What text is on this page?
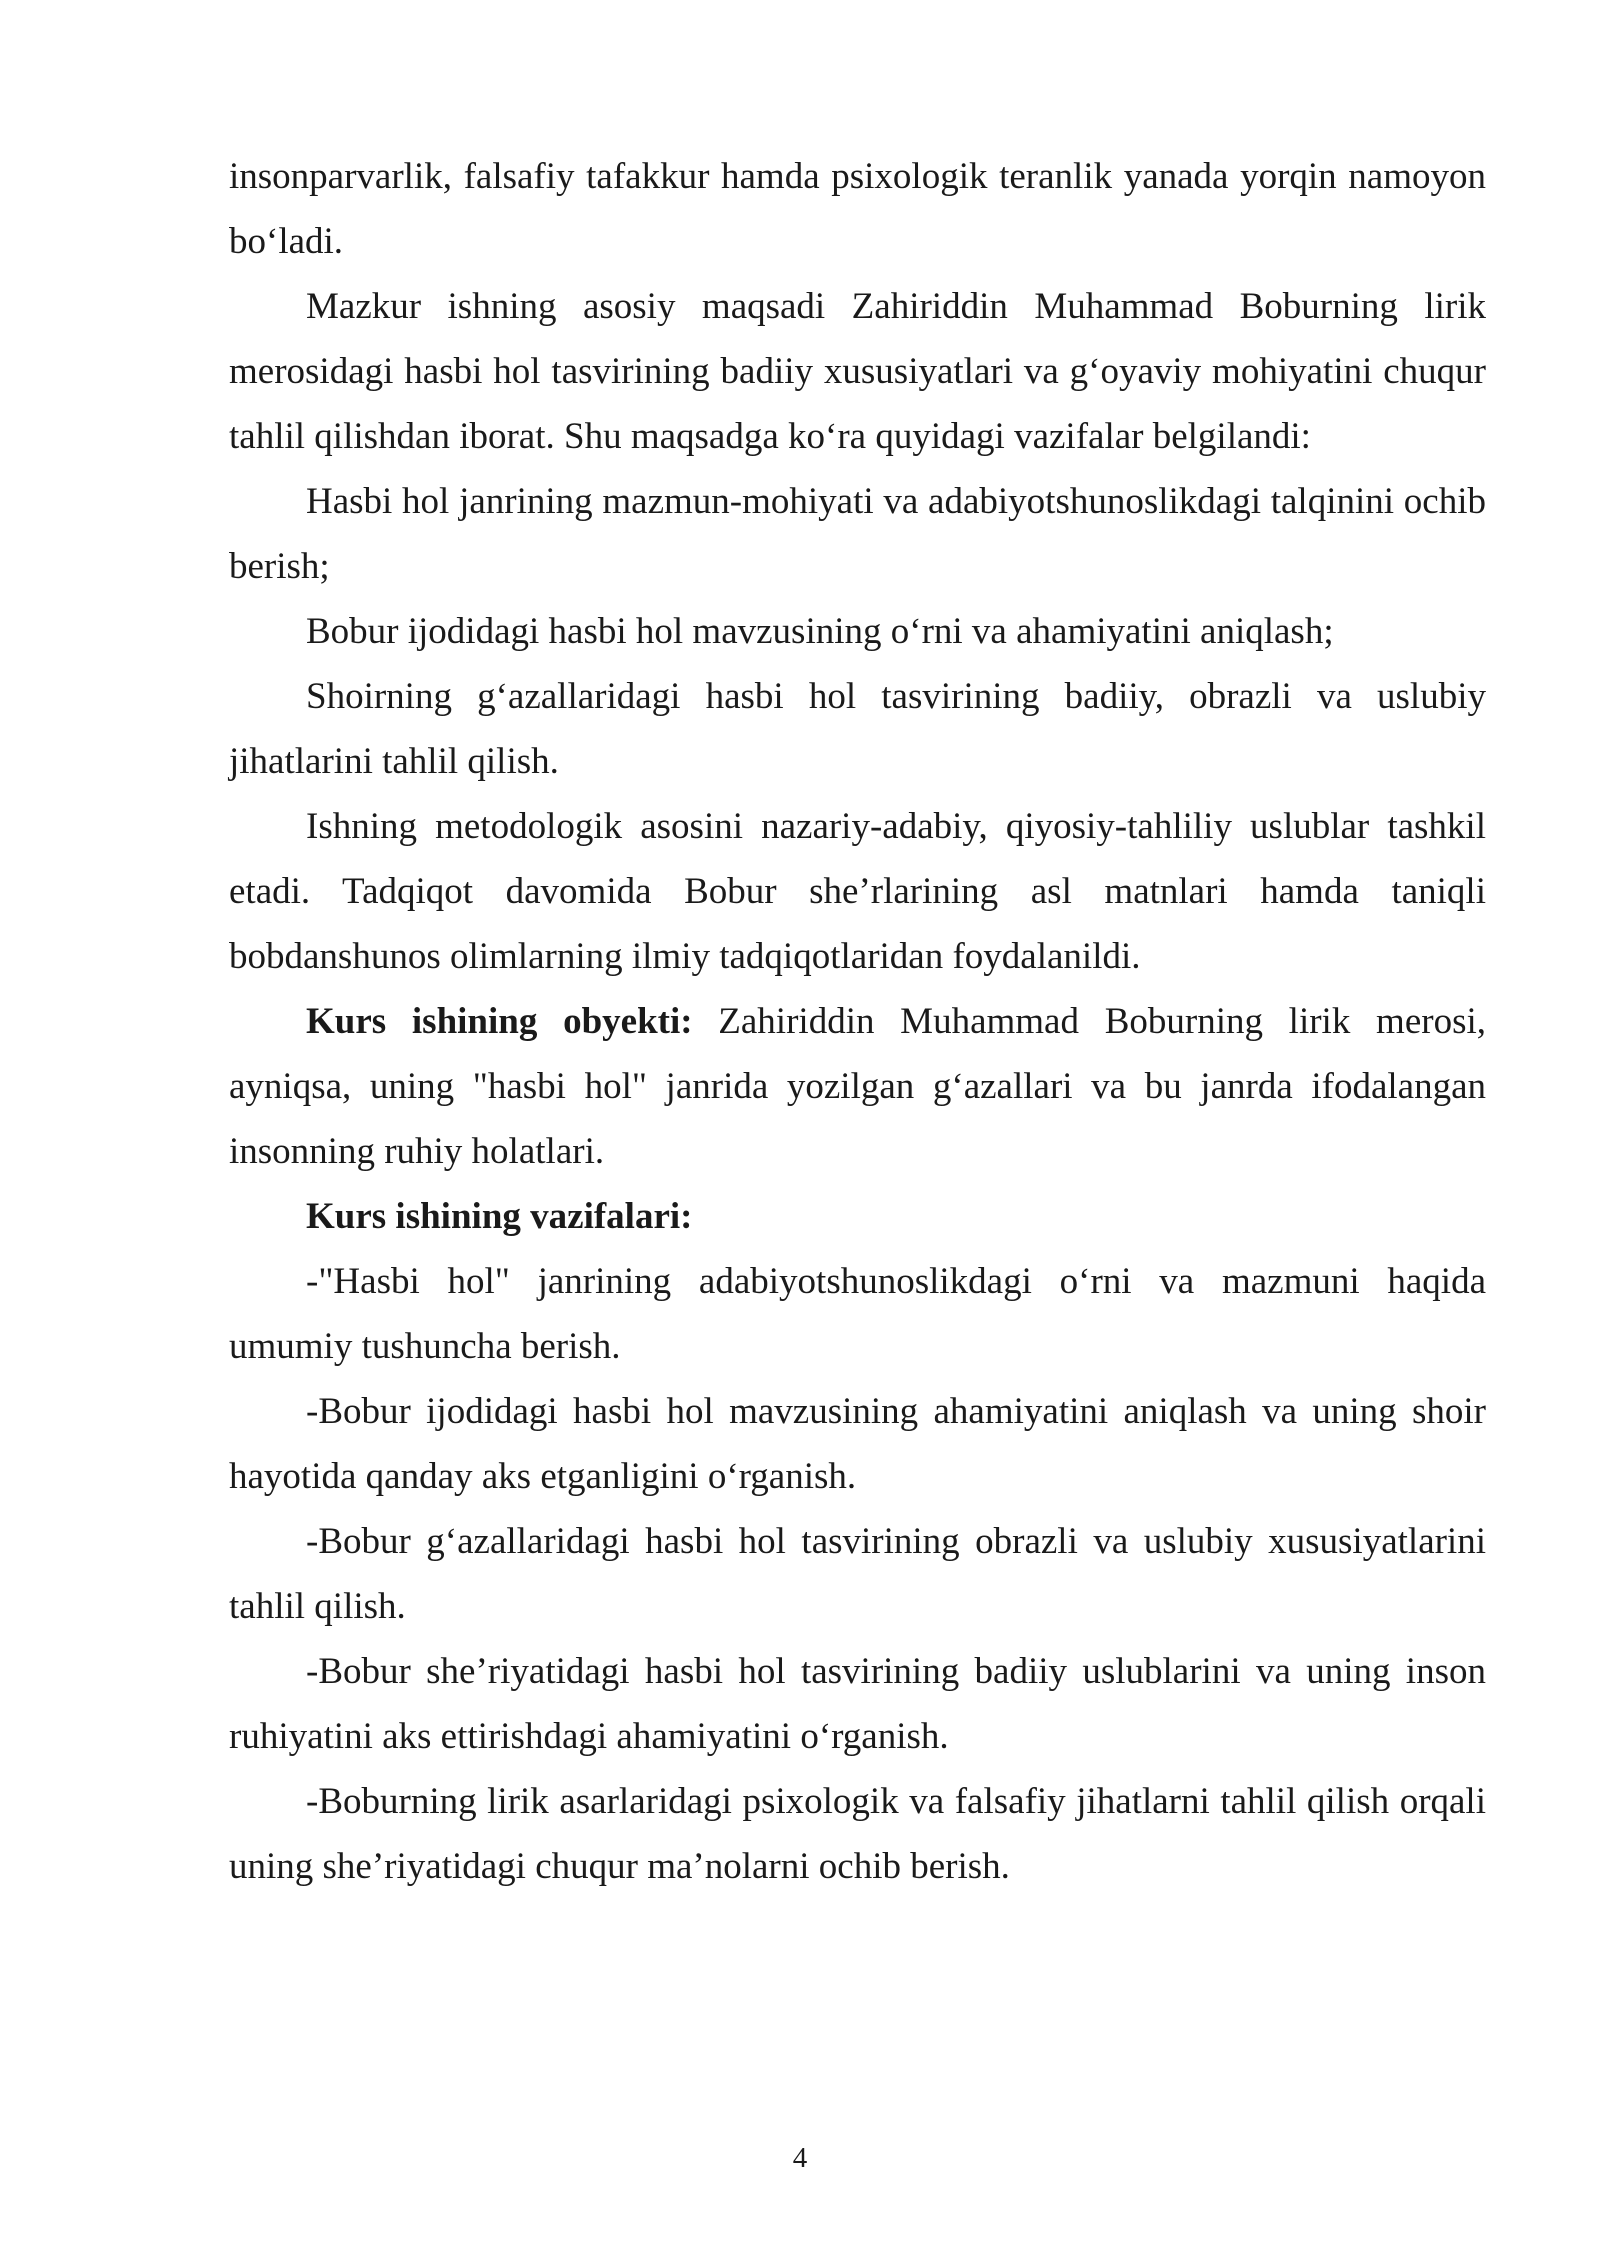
insonparvarlik, falsafiy tafakkur hamda psixologik teranlik yanada yorqin namoyon bo‘ladi.

Mazkur ishning asosiy maqsadi Zahiriddin Muhammad Boburning lirik merosidagi hasbi hol tasvirining badiiy xususiyatlari va g‘oyaviy mohiyatini chuqur tahlil qilishdan iborat. Shu maqsadga ko‘ra quyidagi vazifalar belgilandi:

Hasbi hol janrining mazmun-mohiyati va adabiyotshunoslikdagi talqinini ochib berish;

Bobur ijodidagi hasbi hol mavzusining o‘rni va ahamiyatini aniqlash;

Shoirning g‘azallaridagi hasbi hol tasvirining badiiy, obrazli va uslubiy jihatlarini tahlil qilish.

Ishning metodologik asosini nazariy-adabiy, qiyosiy-tahliliy uslublar tashkil etadi. Tadqiqot davomida Bobur she’rlarining asl matnlari hamda taniqli bobdanshunos olimlarning ilmiy tadqiqotlaridan foydalanildi.

Kurs ishining obyekti: Zahiriddin Muhammad Boburning lirik merosi, ayniqsa, uning "hasbi hol" janrida yozilgan g‘azallari va bu janrda ifodalangan insonning ruhiy holatlari.

Kurs ishining vazifalari:

-"Hasbi hol" janrining adabiyotshunoslikdagi o‘rni va mazmuni haqida umumiy tushuncha berish.

-Bobur ijodidagi hasbi hol mavzusining ahamiyatini aniqlash va uning shoir hayotida qanday aks etganligini o‘rganish.

-Bobur g‘azallaridagi hasbi hol tasvirining obrazli va uslubiy xususiyatlarini tahlil qilish.

-Bobur she’riyatidagi hasbi hol tasvirining badiiy uslublarini va uning inson ruhiyatini aks ettirishdagi ahamiyatini o‘rganish.

-Boburning lirik asarlaridagi psixologik va falsafiy jihatlarni tahlil qilish orqali uning she’riyatidagi chuqur ma’nolarni ochib berish.

4
